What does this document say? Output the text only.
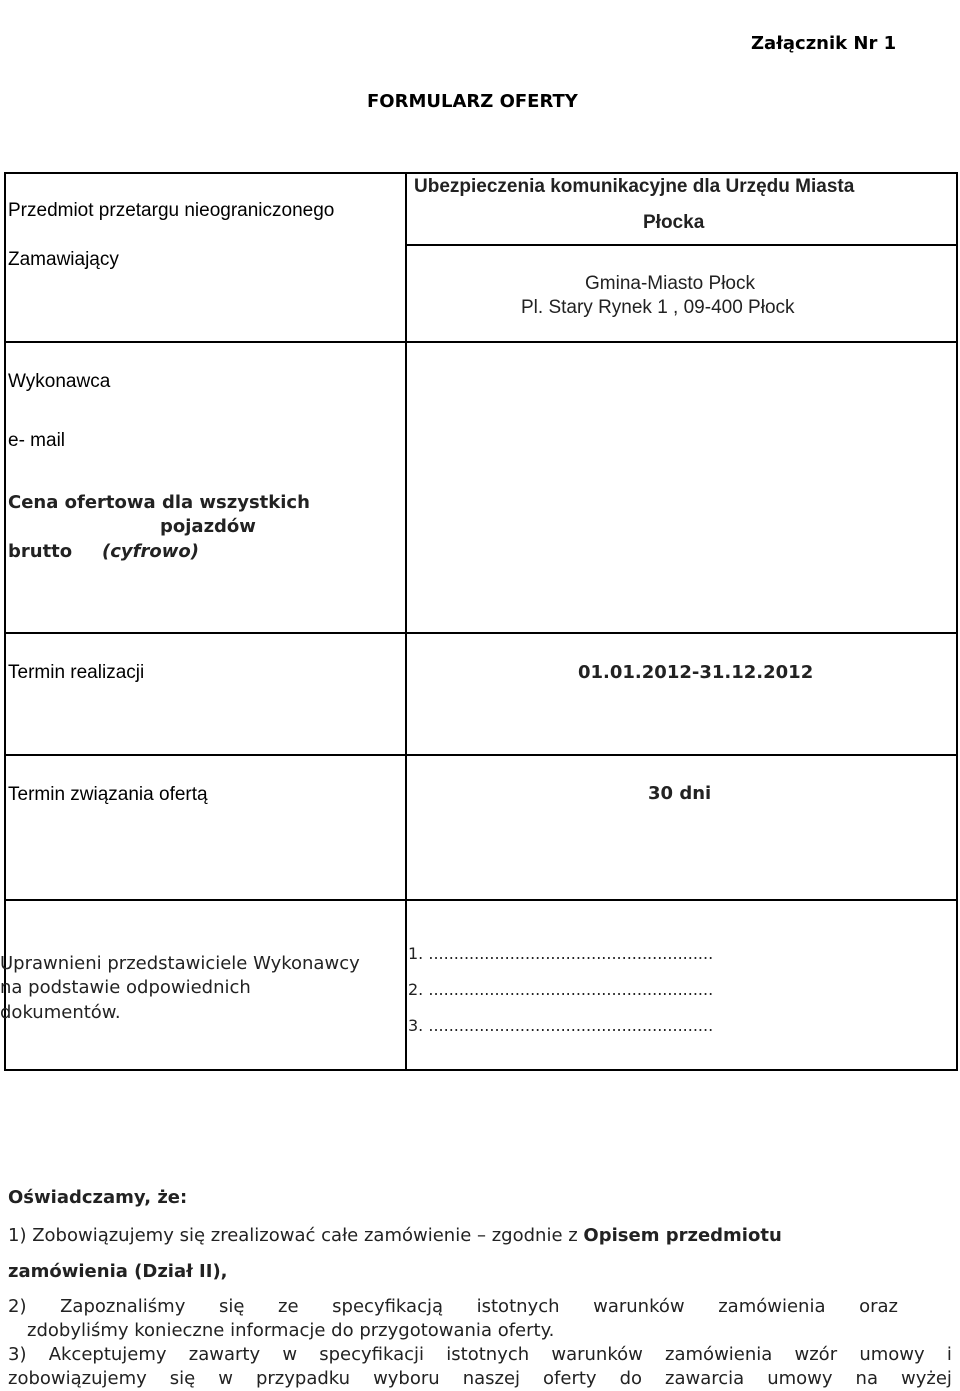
Załącznik Nr 1
FORMULARZ OFERTY
Przedmiot przetargu nieograniczonego
Ubezpieczenia komunikacyjne dla Urzędu Miasta
Płocka
Zamawiający
Gmina-Miasto Płock
Pl. Stary Rynek 1 , 09-400 Płock
Wykonawca
e- mail
Cena ofertowa dla wszystkich
pojazdów
brutto (cyfrowo)
Termin realizacji	01.01.2012-31.12.2012
Termin związania ofertą	30 dni
Uprawnieni przedstawiciele Wykonawcy
na podstawie odpowiednich
dokumentów.
1. ........................................................
2. ........................................................
3. ........................................................
Oświadczamy, że:
1) Zobowiązujemy się zrealizować całe zamówienie – zgodnie z Opisem przedmiotu
zamówienia (Dział II),
2) Zapoznaliśmy się ze specyfikacją istotnych warunków zamówienia oraz
zdobyliśmy konieczne informacje do przygotowania oferty.
3) Akceptujemy zawarty w specyfikacji istotnych warunków zamówienia wzór umowy i
zobowiązujemy się w przypadku wyboru naszej oferty do zawarcia umowy na wyżej
